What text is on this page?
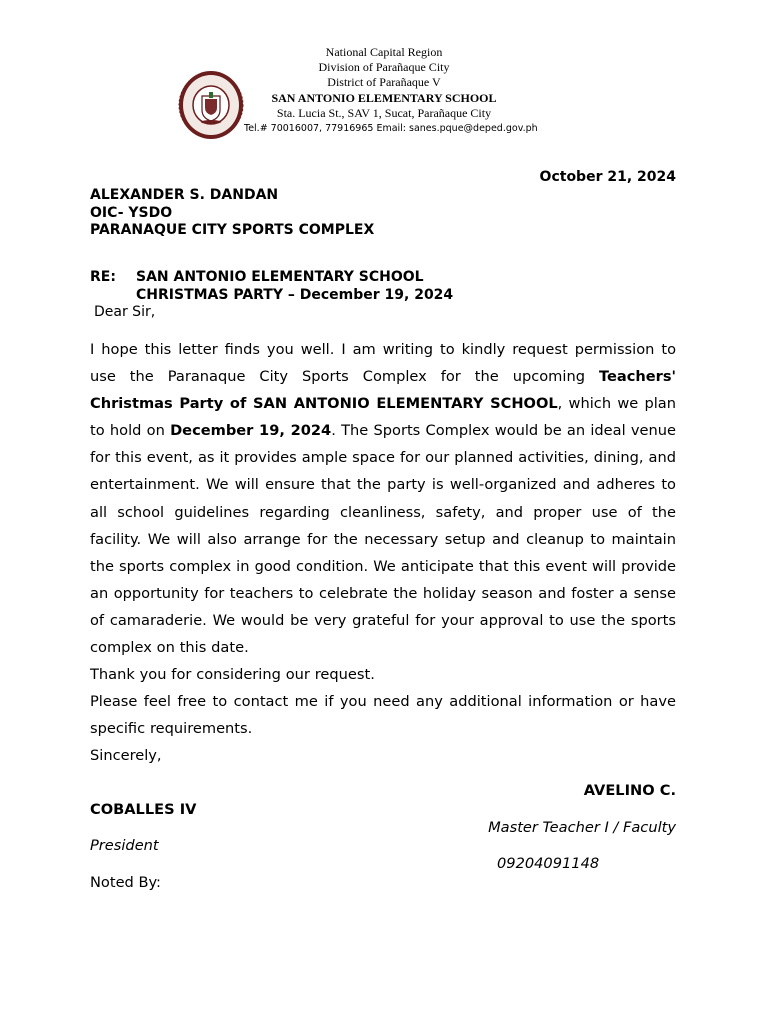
National Capital Region
Division of Parañaque City
District of Parañaque V
SAN ANTONIO ELEMENTARY SCHOOL
Sta. Lucia St., SAV 1, Sucat, Parañaque City
Tel.# 70016007, 77916965 Email: sanes.pque@deped.gov.ph
October 21, 2024
ALEXANDER S. DANDAN
OIC- YSDO
PARANAQUE CITY SPORTS COMPLEX
RE: SAN ANTONIO ELEMENTARY SCHOOL
CHRISTMAS PARTY – December 19, 2024
Dear Sir,

I hope this letter finds you well. I am writing to kindly request permission to use the Paranaque City Sports Complex for the upcoming Teachers' Christmas Party of SAN ANTONIO ELEMENTARY SCHOOL, which we plan to hold on December 19, 2024. The Sports Complex would be an ideal venue for this event, as it provides ample space for our planned activities, dining, and entertainment. We will ensure that the party is well-organized and adheres to all school guidelines regarding cleanliness, safety, and proper use of the facility. We will also arrange for the necessary setup and cleanup to maintain the sports complex in good condition. We anticipate that this event will provide an opportunity for teachers to celebrate the holiday season and foster a sense of camaraderie. We would be very grateful for your approval to use the sports complex on this date.

Thank you for considering our request.

Please feel free to contact me if you need any additional information or have specific requirements.

Sincerely,

AVELINO C.
COBALLES IV
Master Teacher I / Faculty
President
09204091148
Noted By:
